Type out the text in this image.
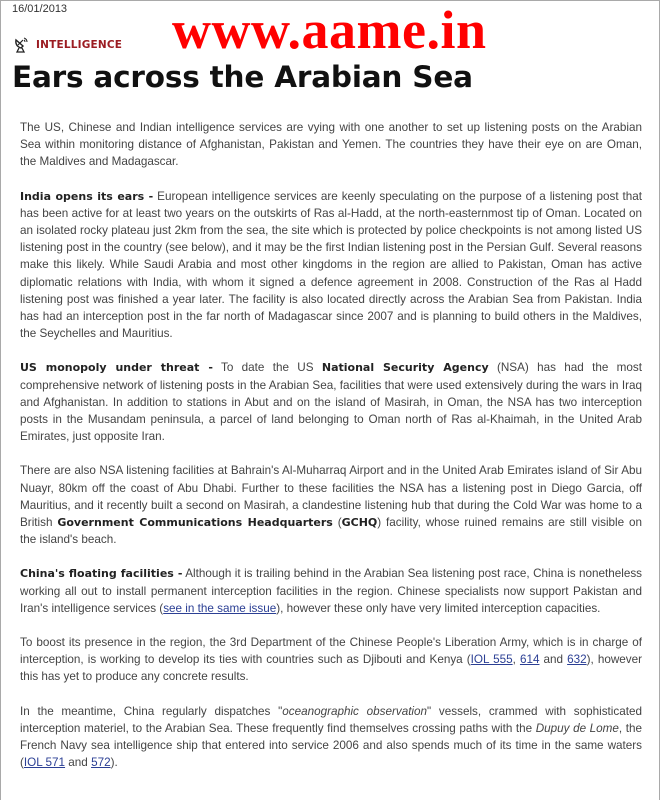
16/01/2013
INTELLIGENCE www.aame.in
Ears across the Arabian Sea

The US, Chinese and Indian intelligence services are vying with one another to set up listening posts on the Arabian Sea within monitoring distance of Afghanistan, Pakistan and Yemen. The countries they have their eye on are Oman, the Maldives and Madagascar.

India opens its ears - European intelligence services are keenly speculating on the purpose of a listening post that has been active for at least two years on the outskirts of Ras al-Hadd, at the north-easternmost tip of Oman. Located on an isolated rocky plateau just 2km from the sea, the site which is protected by police checkpoints is not among listed US listening post in the country (see below), and it may be the first Indian listening post in the Persian Gulf. Several reasons make this likely. While Saudi Arabia and most other kingdoms in the region are allied to Pakistan, Oman has active diplomatic relations with India, with whom it signed a defence agreement in 2008. Construction of the Ras al Hadd listening post was finished a year later. The facility is also located directly across the Arabian Sea from Pakistan. India has had an interception post in the far north of Madagascar since 2007 and is planning to build others in the Maldives, the Seychelles and Mauritius.

US monopoly under threat - To date the US National Security Agency (NSA) has had the most comprehensive network of listening posts in the Arabian Sea, facilities that were used extensively during the wars in Iraq and Afghanistan. In addition to stations in Abut and on the island of Masirah, in Oman, the NSA has two interception posts in the Musandam peninsula, a parcel of land belonging to Oman north of Ras al-Khaimah, in the United Arab Emirates, just opposite Iran.

There are also NSA listening facilities at Bahrain's Al-Muharraq Airport and in the United Arab Emirates island of Sir Abu Nuayr, 80km off the coast of Abu Dhabi. Further to these facilities the NSA has a listening post in Diego Garcia, off Mauritius, and it recently built a second on Masirah, a clandestine listening hub that during the Cold War was home to a British Government Communications Headquarters (GCHQ) facility, whose ruined remains are still visible on the island's beach.

China's floating facilities - Although it is trailing behind in the Arabian Sea listening post race, China is nonetheless working all out to install permanent interception facilities in the region. Chinese specialists now support Pakistan and Iran's intelligence services (see in the same issue), however these only have very limited interception capacities.

To boost its presence in the region, the 3rd Department of the Chinese People's Liberation Army, which is in charge of interception, is working to develop its ties with countries such as Djibouti and Kenya (IOL 555, 614 and 632), however this has yet to produce any concrete results.

In the meantime, China regularly dispatches "oceanographic observation" vessels, crammed with sophisticated interception materiel, to the Arabian Sea. These frequently find themselves crossing paths with the Dupuy de Lome, the French Navy sea intelligence ship that entered into service 2006 and also spends much of its time in the same waters (IOL 571 and 572).
